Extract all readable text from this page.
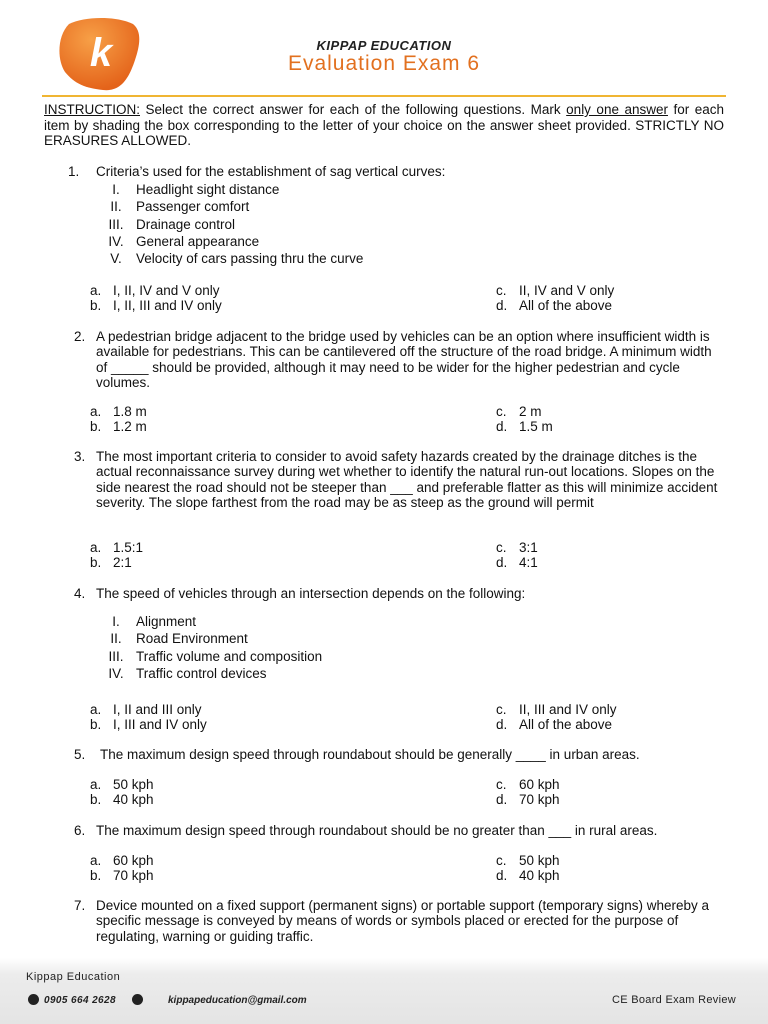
k	KIPPAP EDUCATION
Evaluation Exam 6
INSTRUCTION: Select the correct answer for each of the following questions. Mark only one answer for each item by shading the box corresponding to the letter of your choice on the answer sheet provided. STRICTLY NO ERASURES ALLOWED.
1.	Criteria’s used for the establishment of sag vertical curves:
I.	Headlight sight distance
II.	Passenger comfort
III. Drainage control
IV. General appearance
V.	Velocity of cars passing thru the curve
a. I, II, IV and V only
b. I, II, III and IV only
c. II, IV and V only
d. All of the above
2. A pedestrian bridge adjacent to the bridge used by vehicles can be an option where insufficient width is available for pedestrians. This can be cantilevered off the structure of the road bridge. A minimum width of _____ should be provided, although it may need to be wider for the higher pedestrian and cycle volumes.
a. 1.8 m
b. 1.2 m
c. 2 m
d. 1.5 m
3. The most important criteria to consider to avoid safety hazards created by the drainage ditches is the actual reconnaissance survey during wet whether to identify the natural run-out locations. Slopes on the side nearest the road should not be steeper than ___ and preferable flatter as this will minimize accident severity. The slope farthest from the road may be as steep as the ground will permit
a. 1.5:1
b. 2:1
c. 3:1
d. 4:1
4. The speed of vehicles through an intersection depends on the following:
I.	Alignment
II.	Road Environment
III. Traffic volume and composition
IV. Traffic control devices
a. I, II and III only
b. I, III and IV only
c. II, III and IV only
d. All of the above
5.	The maximum design speed through roundabout should be generally ____ in urban areas.
a. 50 kph
b. 40 kph
c. 60 kph
d. 70 kph
6. The maximum design speed through roundabout should be no greater than ___ in rural areas.
a. 60 kph
b. 70 kph
c. 50 kph
d. 40 kph
7. Device mounted on a fixed support (permanent signs) or portable support (temporary signs) whereby a specific message is conveyed by means of words or symbols placed or erected for the purpose of regulating, warning or guiding traffic.
Kippap Education
0905 664 2628	kippapeducation@gmail.com	CE Board Exam Review
